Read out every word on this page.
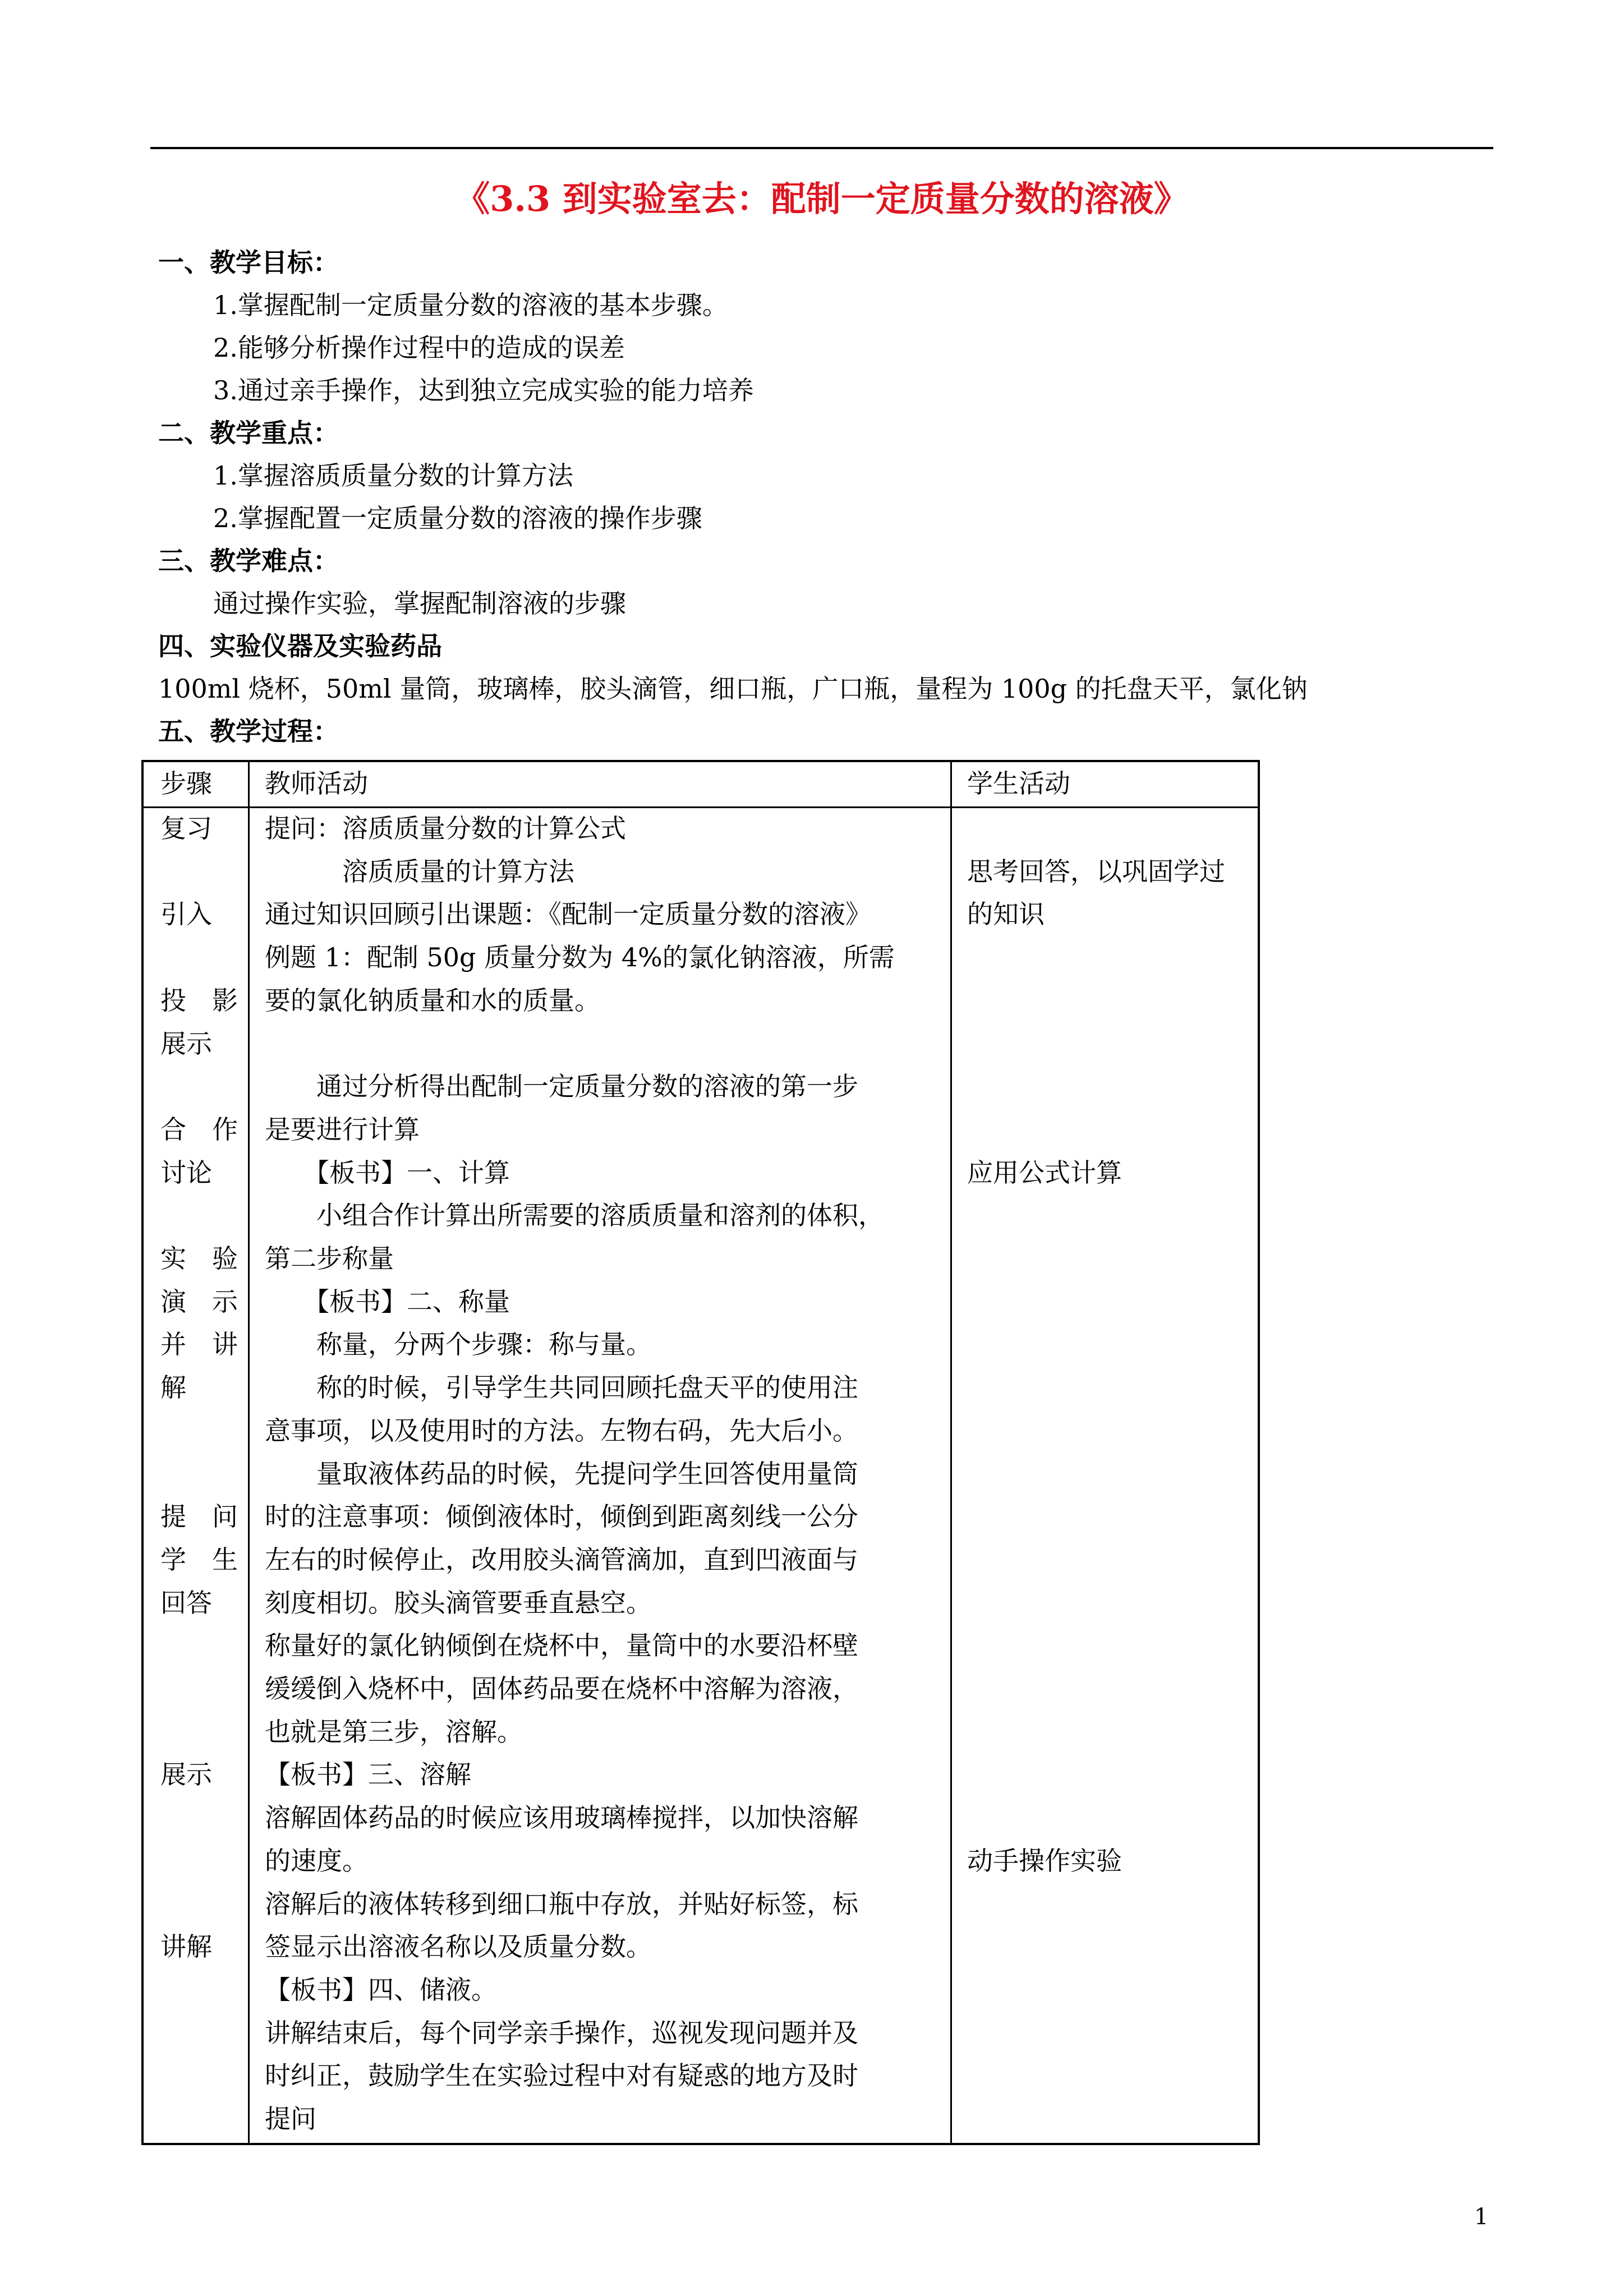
《3.3 到实验室去：配制一定质量分数的溶液》
一、教学目标：
1.掌握配制一定质量分数的溶液的基本步骤。
2.能够分析操作过程中的造成的误差
3.通过亲手操作，达到独立完成实验的能力培养
二、教学重点：
1.掌握溶质质量分数的计算方法
2.掌握配置一定质量分数的溶液的操作步骤
三、教学难点：
通过操作实验，掌握配制溶液的步骤
四、实验仪器及实验药品
100ml 烧杯，50ml 量筒，玻璃棒，胶头滴管，细口瓶，广口瓶，量程为 100g 的托盘天平，氯化钠
五、教学过程：
步骤 教师活动	学生活动
复习
引入
投　影
展示
合　作
讨论
实　验
演　示
并　讲
解
提　问
学　生
回答
展示
讲解
提问：溶质质量分数的计算公式
　　　溶质质量的计算方法
通过知识回顾引出课题：《配制一定质量分数的溶液》
例题 1：配制 50g 质量分数为 4%的氯化钠溶液，所需
要的氯化钠质量和水的质量。
　　通过分析得出配制一定质量分数的溶液的第一步
是要进行计算
　　【板书】一、计算
　　小组合作计算出所需要的溶质质量和溶剂的体积，
第二步称量
　　【板书】二、称量
　　称量，分两个步骤：称与量。
　　称的时候，引导学生共同回顾托盘天平的使用注
意事项，以及使用时的方法。左物右码，先大后小。
　　量取液体药品的时候，先提问学生回答使用量筒
时的注意事项：倾倒液体时，倾倒到距离刻线一公分
左右的时候停止，改用胶头滴管滴加，直到凹液面与
刻度相切。胶头滴管要垂直悬空。
称量好的氯化钠倾倒在烧杯中，量筒中的水要沿杯壁
缓缓倒入烧杯中，固体药品要在烧杯中溶解为溶液，
也就是第三步，溶解。
【板书】三、溶解
溶解固体药品的时候应该用玻璃棒搅拌，以加快溶解
的速度。
溶解后的液体转移到细口瓶中存放，并贴好标签，标
签显示出溶液名称以及质量分数。
【板书】四、储液。
讲解结束后，每个同学亲手操作，巡视发现问题并及
时纠正，鼓励学生在实验过程中对有疑惑的地方及时
提问
思考回答，以巩固学过
的知识
应用公式计算
动手操作实验
1
